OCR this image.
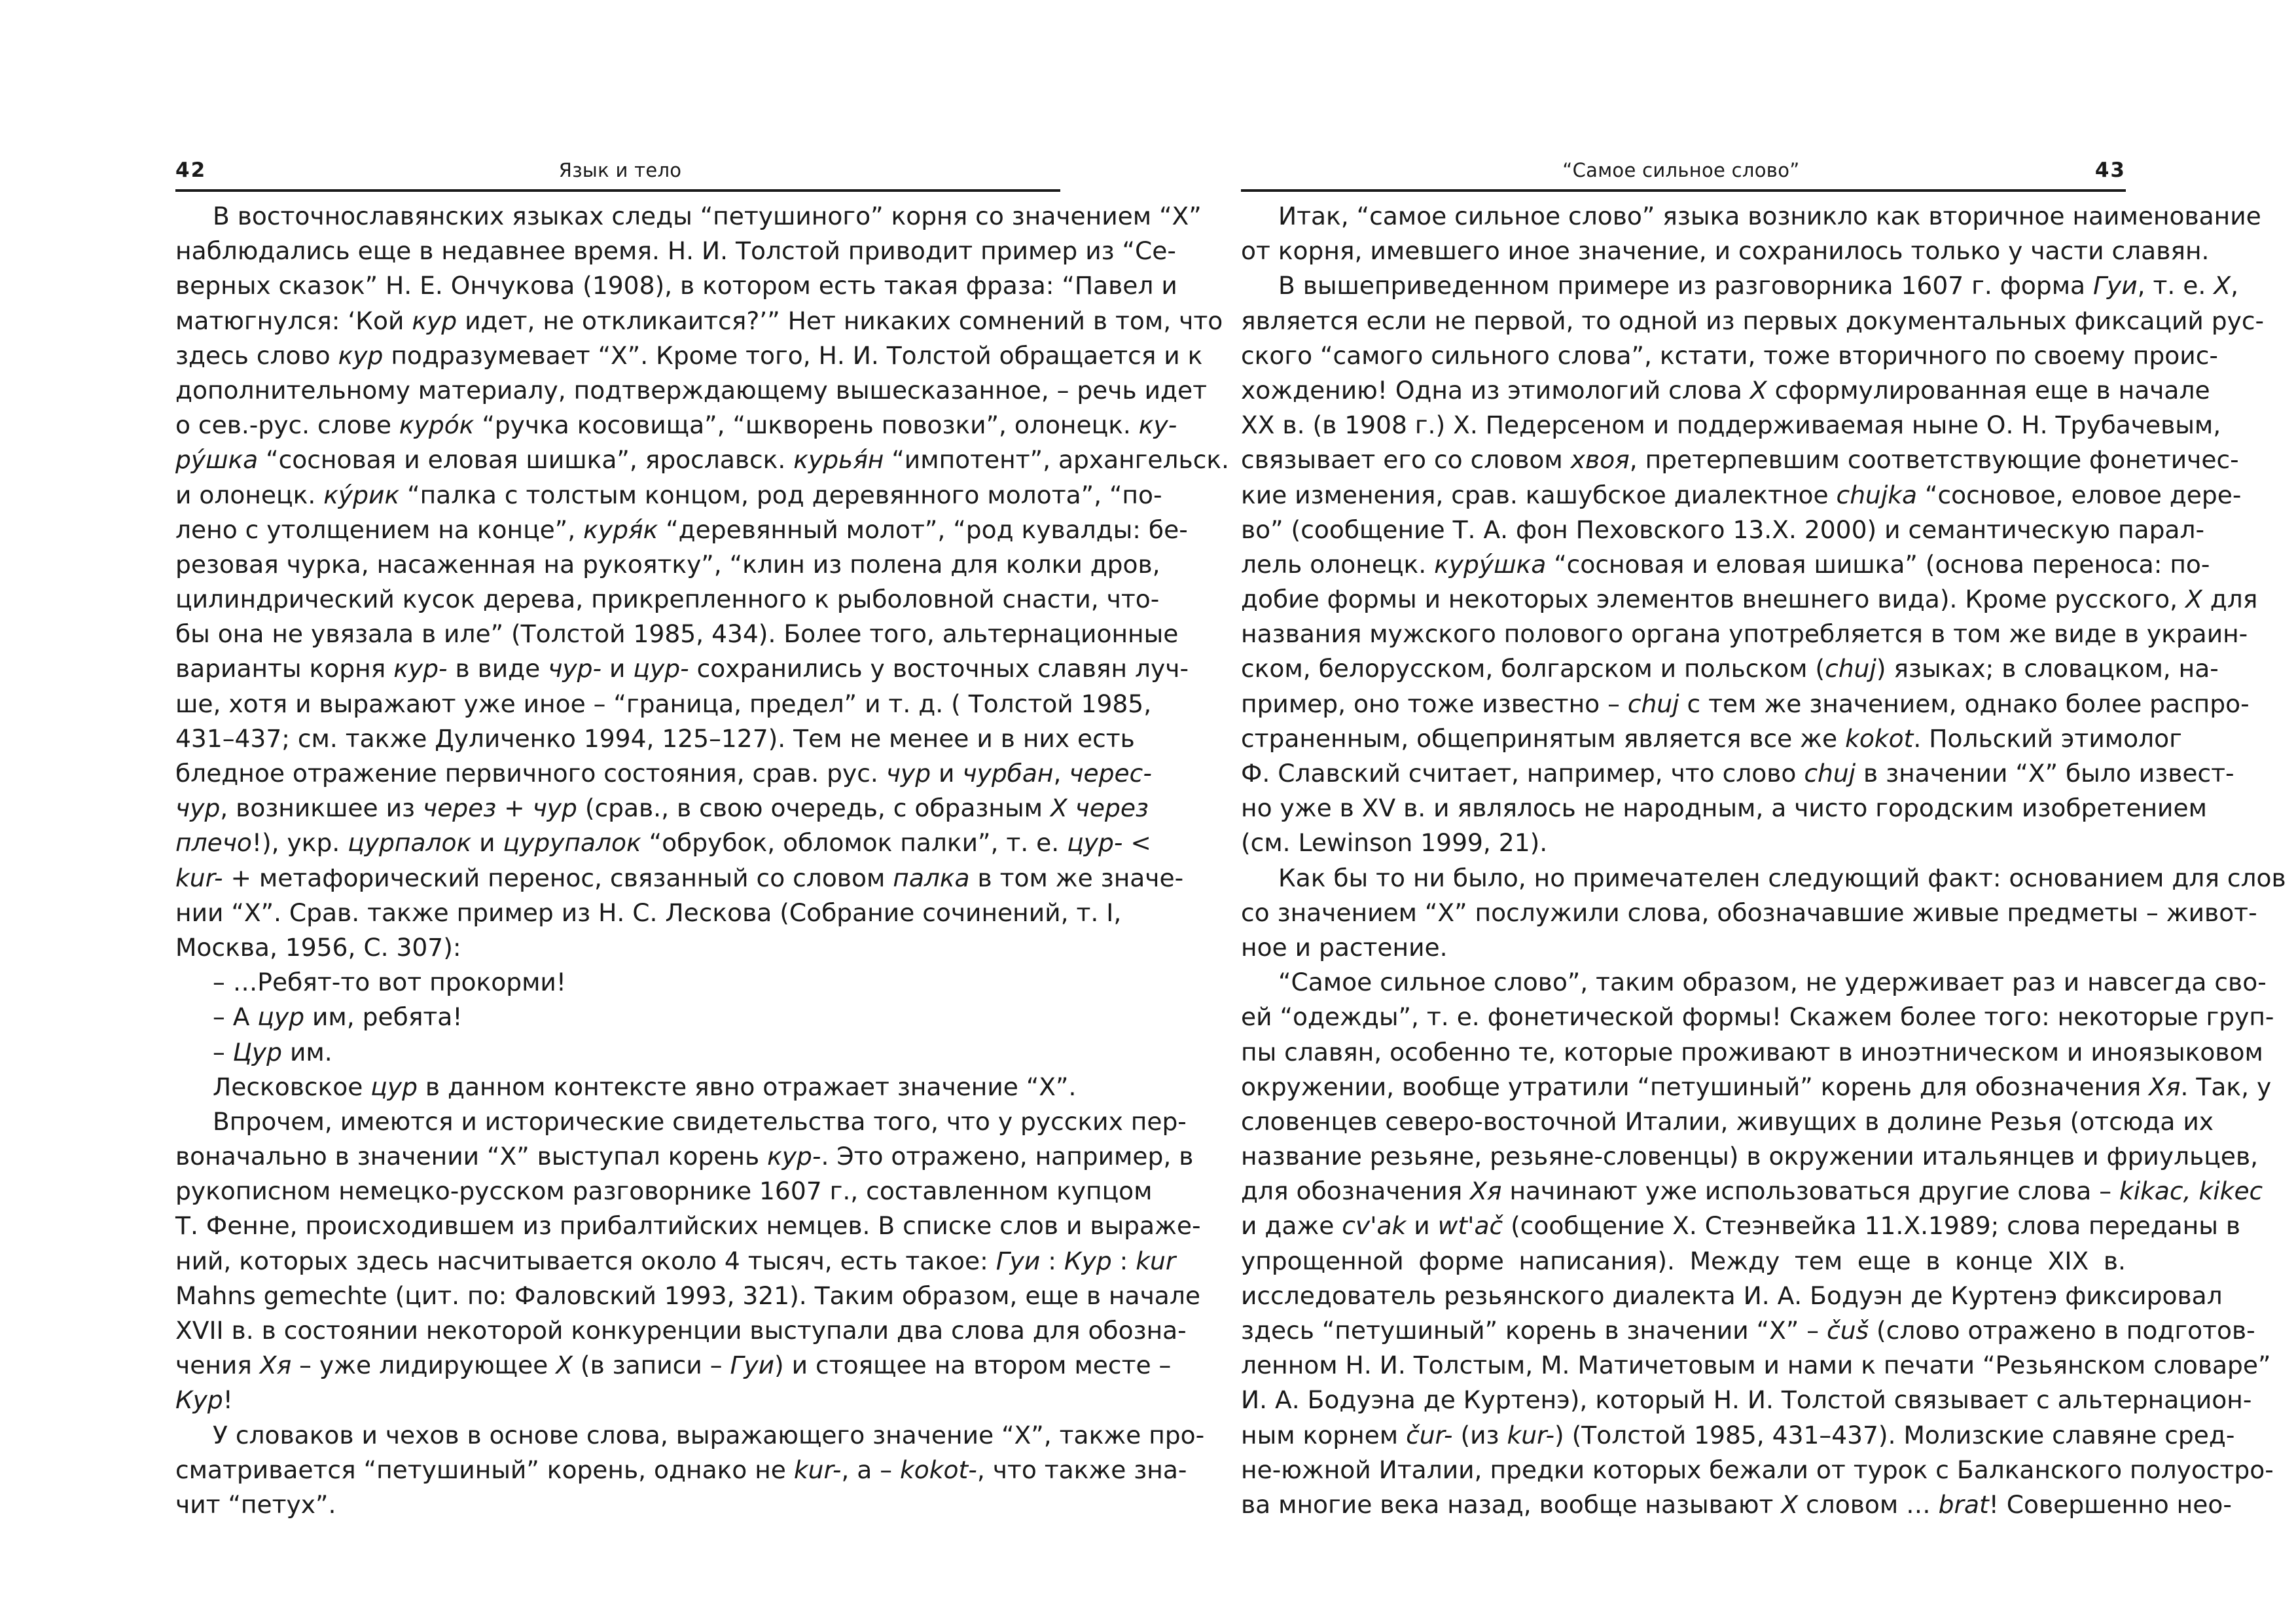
42	Язык и тело
В восточнославянских языках следы “петушиного” корня со значением “Х”
наблюдались еще в недавнее время. Н. И. Толстой приводит пример из “Се-
верных сказок” Н. Е. Ончукова (1908), в котором есть такая фраза: “Павел и
матюгнулся: ‘Кой кур идет, не откликаится?’” Нет никаких сомнений в том, что
здесь слово кур подразумевает “Х”. Кроме того, Н. И. Толстой обращается и к
дополнительному материалу, подтверждающему вышесказанное, – речь идет
о сев.-рус. слове куро́к “ручка косовища”, “шкворень повозки”, олонецк. ку-
ру́шка “сосновая и еловая шишка”, ярославск. курья́н “импотент”, архангельск.
и олонецк. ку́рик “палка с толстым концом, род деревянного молота”, “по-
лено с утолщением на конце”, куря́к “деревянный молот”, “род кувалды: бе-
резовая чурка, насаженная на рукоятку”, “клин из полена для колки дров,
цилиндрический кусок дерева, прикрепленного к рыболовной снасти, что-
бы она не увязала в иле” (Толстой 1985, 434). Более того, альтернационные
варианты корня кур- в виде чур- и цур- сохранились у восточных славян луч-
ше, хотя и выражают уже иное – “граница, предел” и т. д. ( Толстой 1985,
431–437; см. также Дуличенко 1994, 125–127). Тем не менее и в них есть
бледное отражение первичного состояния, срав. рус. чур и чурбан, черес-
чур, возникшее из через + чур (срав., в свою очередь, с образным Х через
плечо!), укр. цурпалок и цурупалок “обрубок, обломок палки”, т. е. цур- <
kur- + метафорический перенос, связанный со словом палка в том же значе-
нии “Х”. Срав. также пример из Н. С. Лескова (Собрание сочинений, т. I,
Москва, 1956, С. 307):
– …Ребят-то вот прокорми!
– А цур им, ребята!
– Цур им.
Лесковское цур в данном контексте явно отражает значение “Х”.
Впрочем, имеются и исторические свидетельства того, что у русских пер-
воначально в значении “Х” выступал корень кур-. Это отражено, например, в
рукописном немецко-русском разговорнике 1607 г., составленном купцом
Т. Фенне, происходившем из прибалтийских немцев. В списке слов и выраже-
ний, которых здесь насчитывается около 4 тысяч, есть такое: Гуи : Кур : kur
Mahns gemechte (цит. по: Фаловский 1993, 321). Таким образом, еще в начале
XVII в. в состоянии некоторой конкуренции выступали два слова для обозна-
чения Хя – уже лидирующее Х (в записи – Гуи) и стоящее на втором месте –
Кур!
У словаков и чехов в основе слова, выражающего значение “Х”, также про-
сматривается “петушиный” корень, однако не kur-, а – kokot-, что также зна-
чит “петух”.
“Самое сильное слово”	43
Итак, “самое сильное слово” языка возникло как вторичное наименование
от корня, имевшего иное значение, и сохранилось только у части славян.
В вышеприведенном примере из разговорника 1607 г. форма Гуи, т. е. Х,
является если не первой, то одной из первых документальных фиксаций рус-
ского “самого сильного слова”, кстати, тоже вторичного по своему проис-
хождению! Одна из этимологий слова Х сформулированная еще в начале
XX в. (в 1908 г.) Х. Педерсеном и поддерживаемая ныне О. Н. Трубачевым,
связывает его со словом хвоя, претерпевшим соответствующие фонетичес-
кие изменения, срав. кашубское диалектное chujka “сосновое, еловое дере-
во” (сообщение Т. А. фон Пеховского 13.X. 2000) и семантическую парал-
лель олонецк. куру́шка “сосновая и еловая шишка” (основа переноса: по-
добие формы и некоторых элементов внешнего вида). Кроме русского, Х для
названия мужского полового органа употребляется в том же виде в украин-
ском, белорусском, болгарском и польском (chuj) языках; в словацком, на-
пример, оно тоже известно – chuj с тем же значением, однако более распро-
страненным, общепринятым является все же kokot. Польский этимолог
Ф. Славский считает, например, что слово chuj в значении “Х” было извест-
но уже в XV в. и являлось не народным, а чисто городским изобретением
(см. Lewinson 1999, 21).
Как бы то ни было, но примечателен следующий факт: основанием для слов
со значением “Х” послужили слова, обозначавшие живые предметы – живот-
ное и растение.
“Самое сильное слово”, таким образом, не удерживает раз и навсегда сво-
ей “одежды”, т. е. фонетической формы! Скажем более того: некоторые груп-
пы славян, особенно те, которые проживают в иноэтническом и иноязыковом
окружении, вообще утратили “петушиный” корень для обозначения Хя. Так, у
словенцев северо-восточной Италии, живущих в долине Резья (отсюда их
название резьяне, резьяне-словенцы) в окружении итальянцев и фриульцев,
для обозначения Хя начинают уже использоваться другие слова – kikac, kikec
и даже cv'ak и wt'ač (сообщение Х. Стеэнвейка 11.X.1989; слова переданы в
упрощенной форме написания). Между тем еще в конце XIX в.
исследователь резьянского диалекта И. А. Бодуэн де Куртенэ фиксировал
здесь “петушиный” корень в значении “Х” – čuš (слово отражено в подготов-
ленном Н. И. Толстым, М. Матичетовым и нами к печати “Резьянском словаре”
И. А. Бодуэна де Куртенэ), который Н. И. Толстой связывает с альтернацион-
ным корнем čur- (из kur-) (Толстой 1985, 431–437). Молизские славяне сред-
не-южной Италии, предки которых бежали от турок с Балканского полуостро-
ва многие века назад, вообще называют Х словом … brat! Совершенно нео-
